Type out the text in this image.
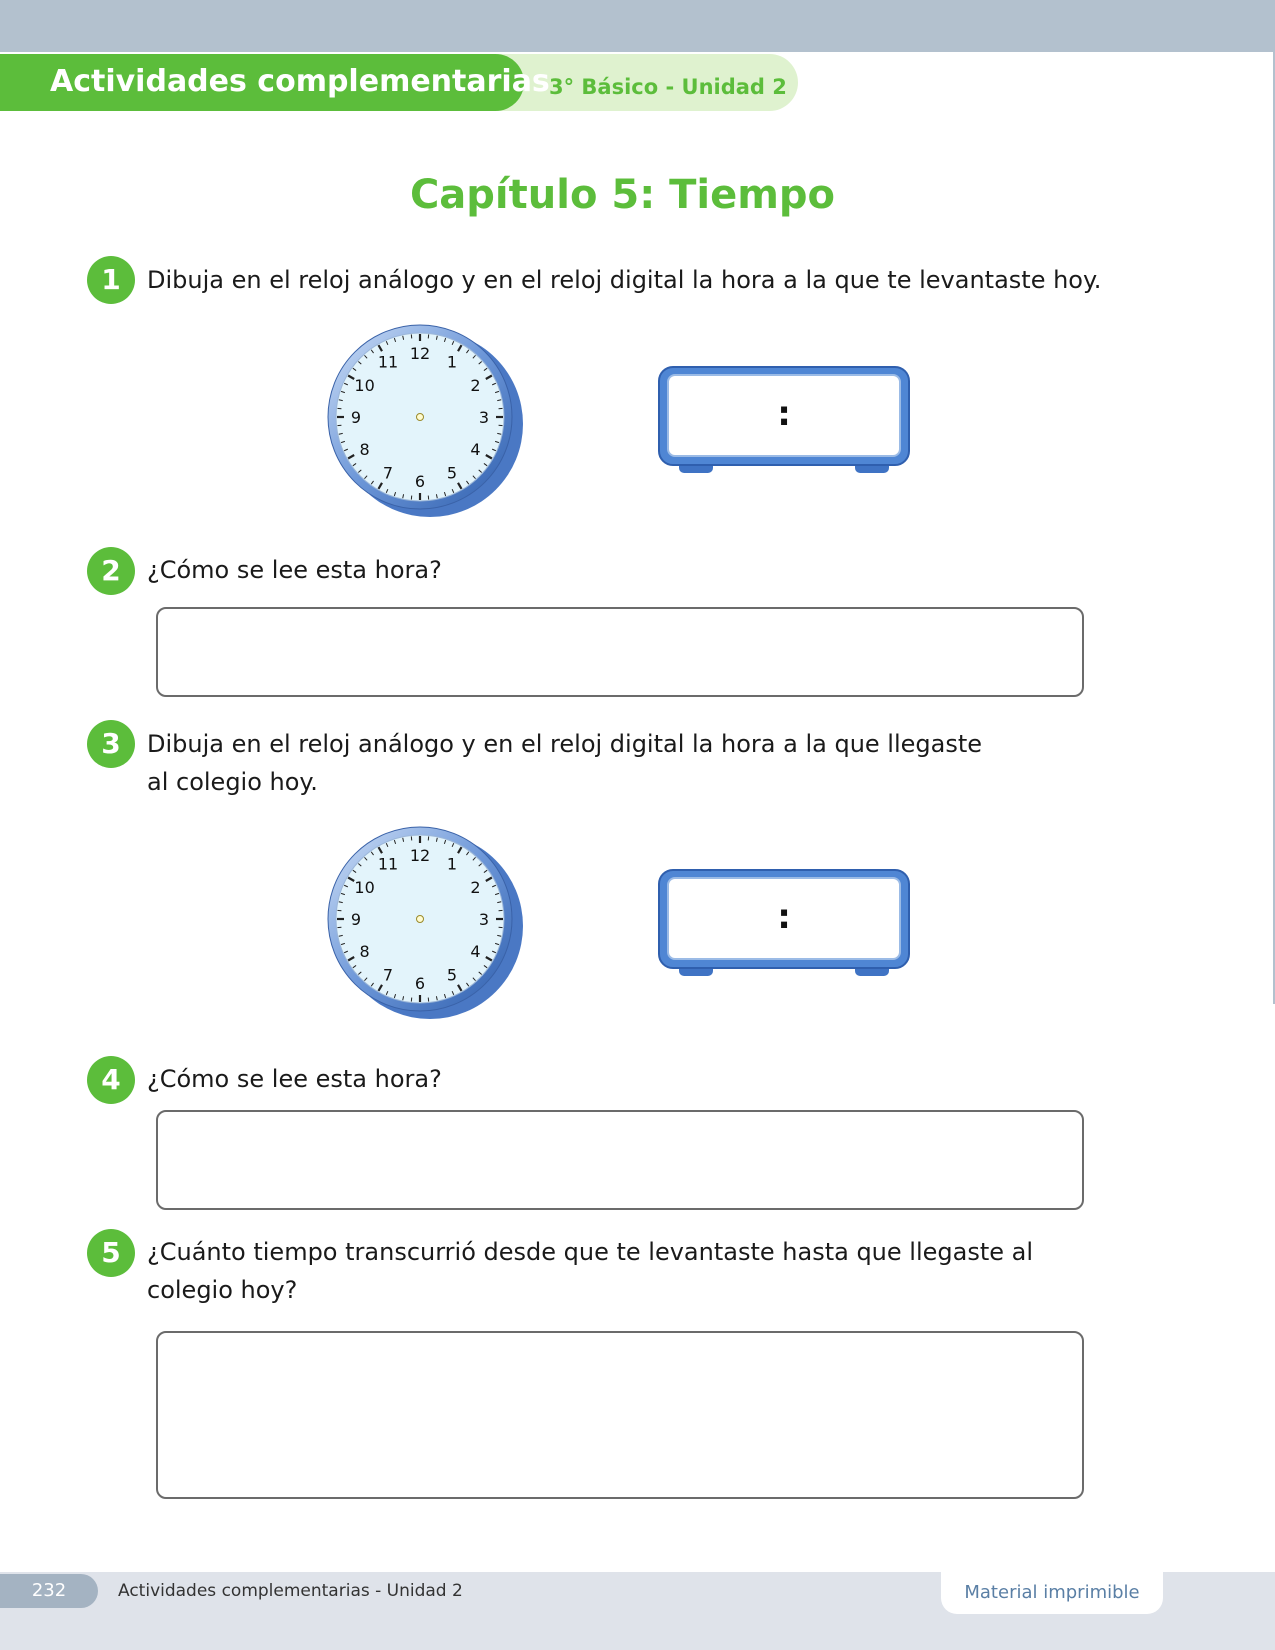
Actividades complementarias 3° Básico - Unidad 2
Capítulo 5: Tiempo
1	Dibuja en el reloj análogo y en el reloj digital la hora a la que te levantaste hoy.
12 1
2
3
4
5
6
7
8
9
10
11
:
2	¿Cómo se lee esta hora?
3	Dibuja en el reloj análogo y en el reloj digital la hora a la que llegaste
al colegio hoy.
12 1
2
3
4
5
6
7
8
9
10
11
:
4	¿Cómo se lee esta hora?
5	¿Cuánto tiempo transcurrió desde que te levantaste hasta que llegaste al
colegio hoy?
232	Actividades complementarias - Unidad 2	Material imprimible
